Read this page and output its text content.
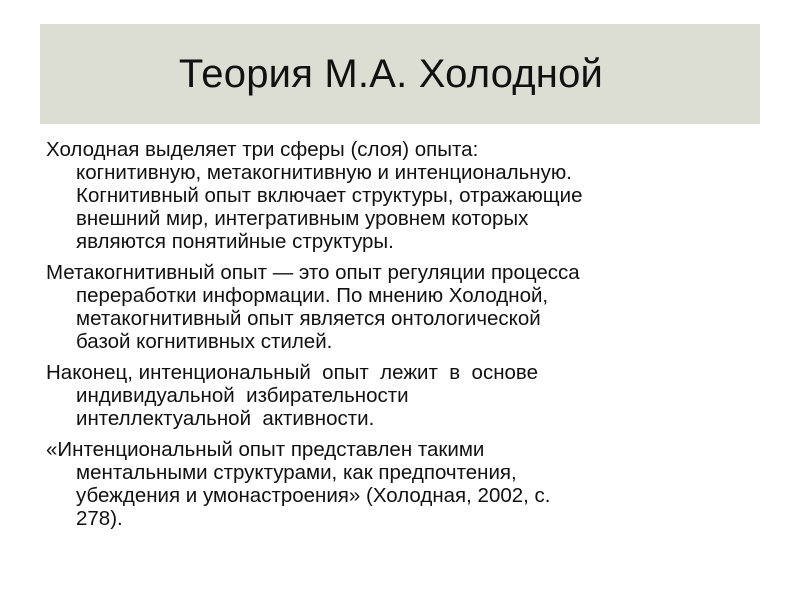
Теория М.А. Холодной

Холодная выделяет три сферы (слоя) опыта:
когнитивную, метакогнитивную и интенциональную.
Когнитивный опыт включает структуры, отражающие
внешний мир, интегративным уровнем которых
являются понятийные структуры.

Метакогнитивный опыт — это опыт регуляции процесса
переработки информации. По мнению Холодной,
метакогнитивный опыт является онтологической
базой когнитивных стилей.

Наконец, интенциональный  опыт  лежит  в  основе
индивидуальной  избирательности
интеллектуальной  активности.

«Интенциональный опыт представлен такими
ментальными структурами, как предпочтения,
убеждения и умонастроения» (Холодная, 2002, с.
278).
